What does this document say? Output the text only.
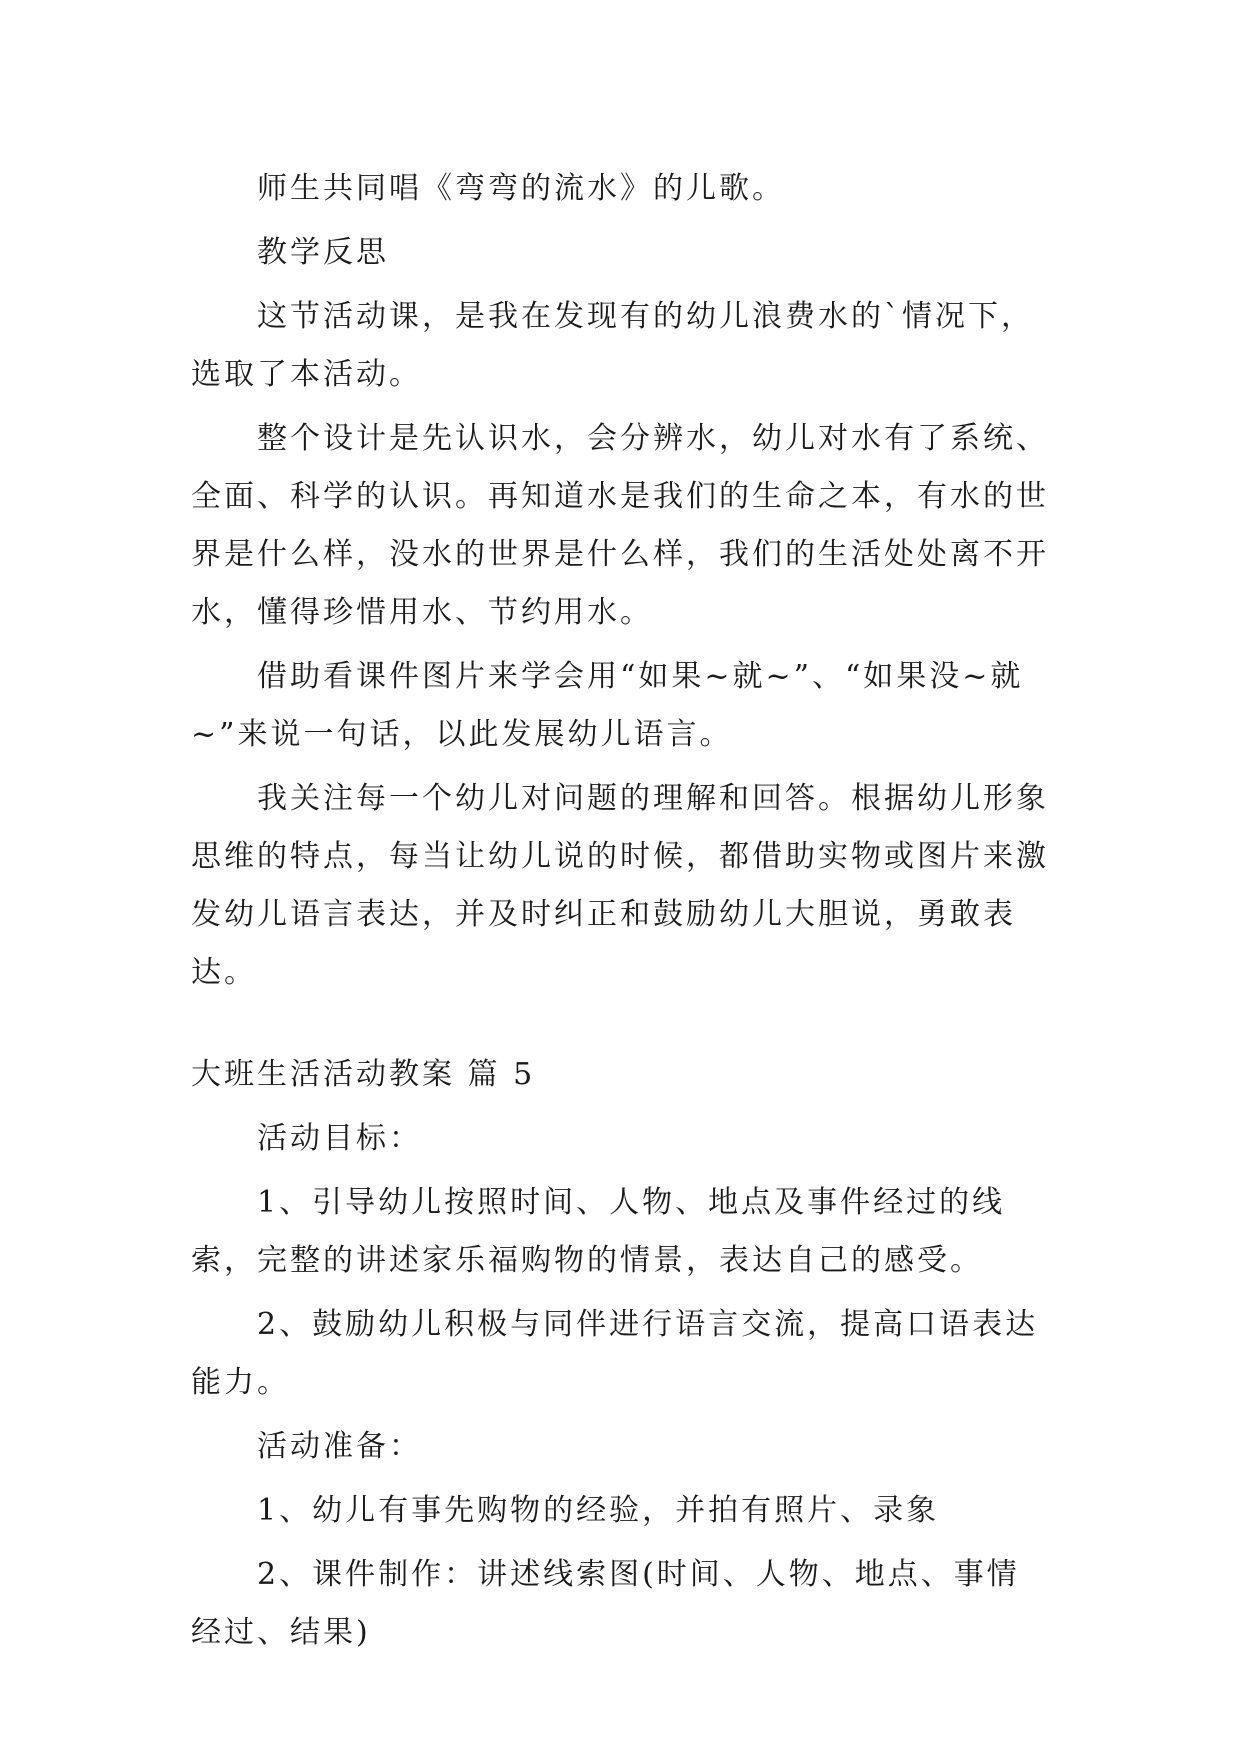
师生共同唱《弯弯的流水》的儿歌。

教学反思

这节活动课，是我在发现有的幼儿浪费水的`情况下，选取了本活动。

整个设计是先认识水，会分辨水，幼儿对水有了系统、全面、科学的认识。再知道水是我们的生命之本，有水的世界是什么样，没水的世界是什么样，我们的生活处处离不开水，懂得珍惜用水、节约用水。

借助看课件图片来学会用“如果~就~”、“如果没~就~”来说一句话，以此发展幼儿语言。

我关注每一个幼儿对问题的理解和回答。根据幼儿形象思维的特点，每当让幼儿说的时候，都借助实物或图片来激发幼儿语言表达，并及时纠正和鼓励幼儿大胆说，勇敢表达。

大班生活活动教案 篇 5

活动目标：

1、引导幼儿按照时间、人物、地点及事件经过的线索，完整的讲述家乐福购物的情景，表达自己的感受。

2、鼓励幼儿积极与同伴进行语言交流，提高口语表达能力。

活动准备：

1、幼儿有事先购物的经验，并拍有照片、录象

2、课件制作：讲述线索图(时间、人物、地点、事情经过、结果)
